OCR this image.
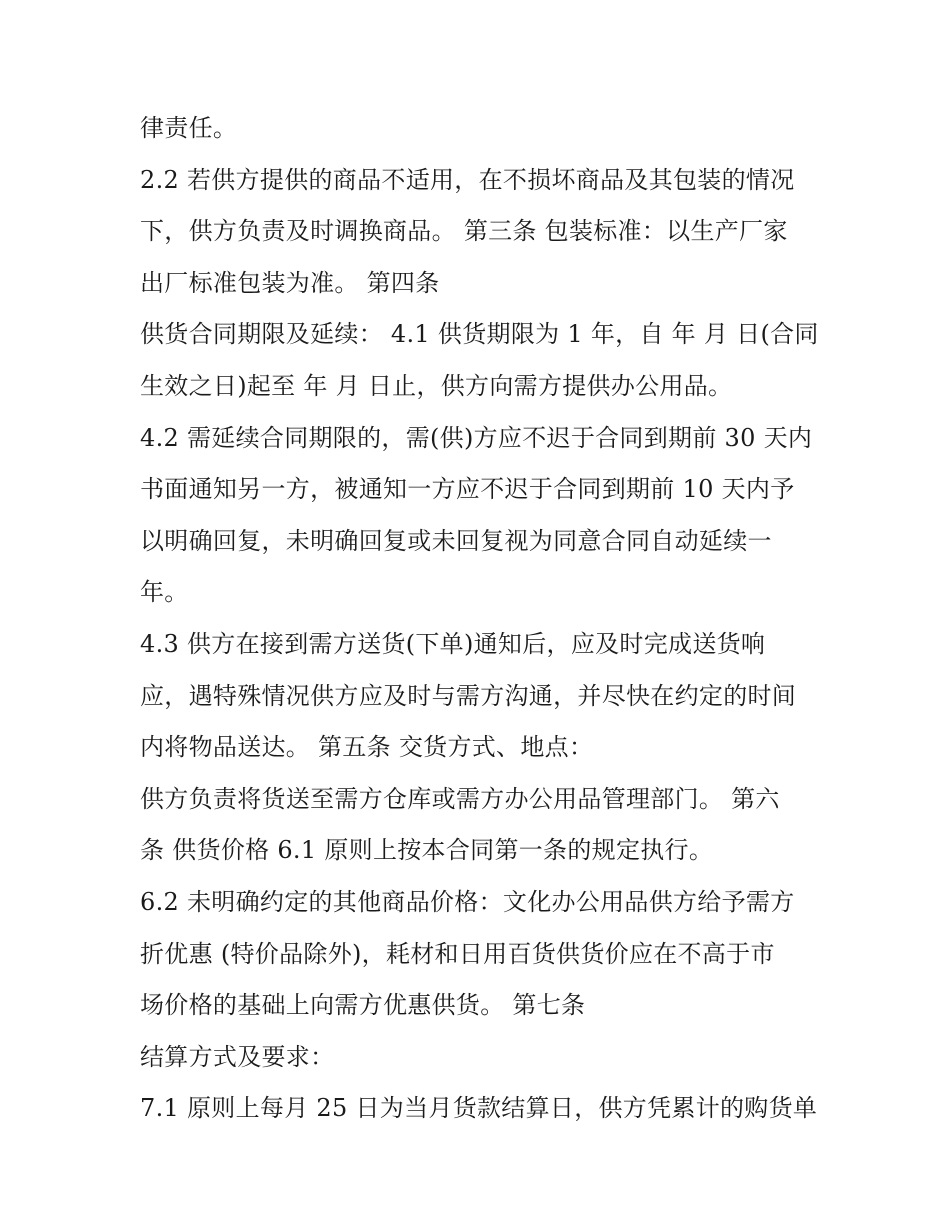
律责任。
2.2 若供方提供的商品不适用，在不损坏商品及其包装的情况
下，供方负责及时调换商品。 第三条 包装标准：以生产厂家
出厂标准包装为准。 第四条
供货合同期限及延续： 4.1 供货期限为 1 年，自 年 月 日(合同
生效之日)起至 年 月 日止，供方向需方提供办公用品。
4.2 需延续合同期限的，需(供)方应不迟于合同到期前 30 天内
书面通知另一方，被通知一方应不迟于合同到期前 10 天内予
以明确回复，未明确回复或未回复视为同意合同自动延续一
年。
4.3 供方在接到需方送货(下单)通知后，应及时完成送货响
应，遇特殊情况供方应及时与需方沟通，并尽快在约定的时间
内将物品送达。 第五条 交货方式、地点：
供方负责将货送至需方仓库或需方办公用品管理部门。 第六
条 供货价格 6.1 原则上按本合同第一条的规定执行。
6.2 未明确约定的其他商品价格：文化办公用品供方给予需方
折优惠 (特价品除外)，耗材和日用百货供货价应在不高于市
场价格的基础上向需方优惠供货。 第七条
结算方式及要求：
7.1 原则上每月 25 日为当月货款结算日，供方凭累计的购货单
